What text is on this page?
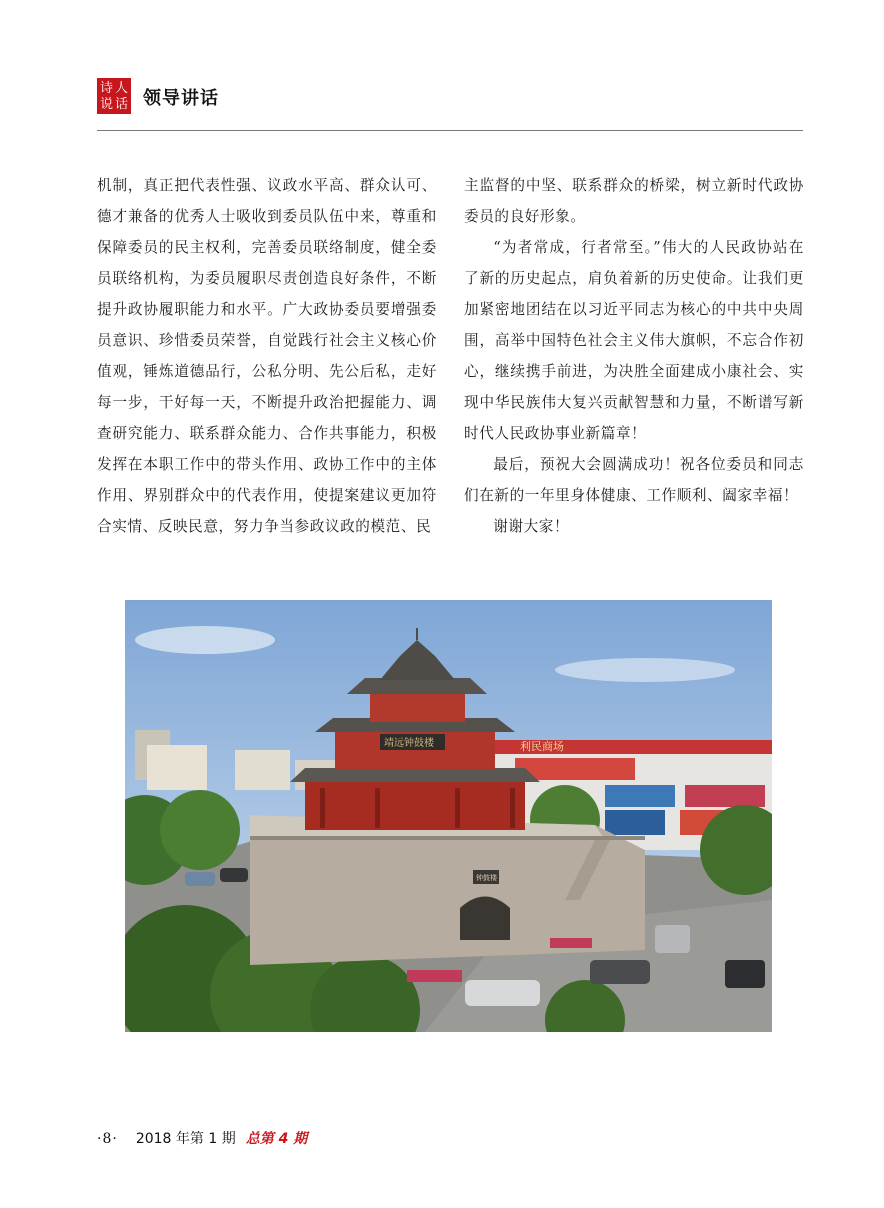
诗 人
说 话 领导讲话

机制，真正把代表性强、议政水平高、群众认可、德才兼备的优秀人士吸收到委员队伍中来，尊重和保障委员的民主权利，完善委员联络制度，健全委员联络机构，为委员履职尽责创造良好条件，不断提升政协履职能力和水平。广大政协委员要增强委员意识、珍惜委员荣誉，自觉践行社会主义核心价值观，锤炼道德品行，公私分明、先公后私，走好每一步，干好每一天，不断提升政治把握能力、调查研究能力、联系群众能力、合作共事能力，积极发挥在本职工作中的带头作用、政协工作中的主体作用、界别群众中的代表作用，使提案建议更加符合实情、反映民意，努力争当参政议政的模范、民

主监督的中坚、联系群众的桥梁，树立新时代政协委员的良好形象。

“为者常成，行者常至。”伟大的人民政协站在了新的历史起点，肩负着新的历史使命。让我们更加紧密地团结在以习近平同志为核心的中共中央周围，高举中国特色社会主义伟大旗帜，不忘合作初心，继续携手前进，为决胜全面建成小康社会、实现中华民族伟大复兴贡献智慧和力量，不断谱写新时代人民政协事业新篇章！

最后，预祝大会圆满成功！祝各位委员和同志们在新的一年里身体健康、工作顺利、阖家幸福！

谢谢大家！

利民商场
钟鼓楼
靖远钟鼓楼
·8· 2018 年第 1 期 总第 4 期
